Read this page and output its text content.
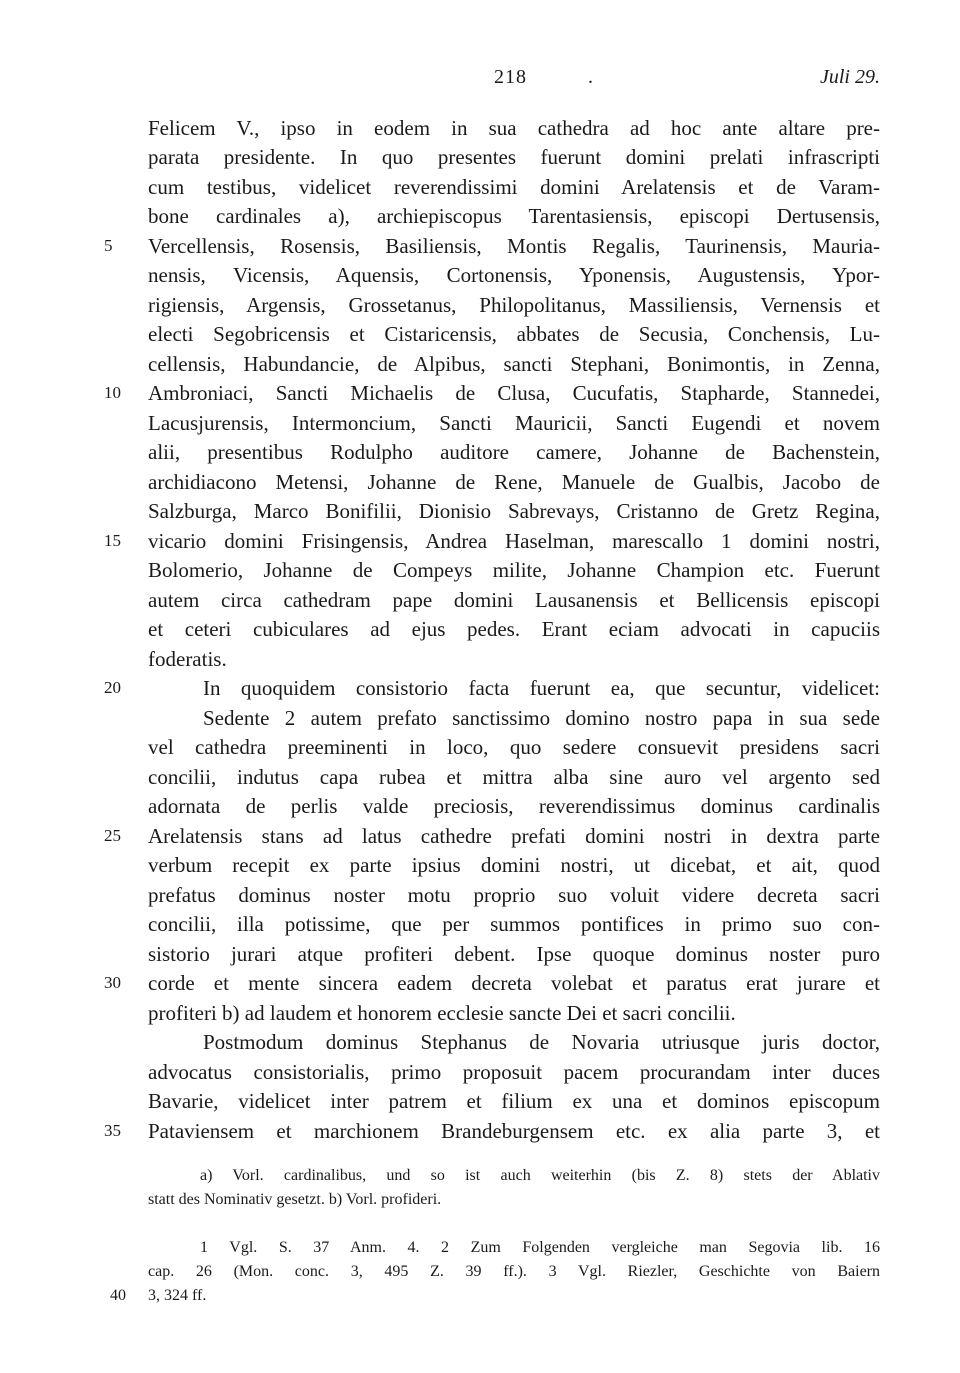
218	.	Juli 29.
Felicem V., ipso in eodem in sua cathedra ad hoc ante altare pre-
parata presidente. In quo presentes fuerunt domini prelati infrascripti
cum testibus, videlicet reverendissimi domini Arelatensis et de Varam-
bone cardinales a), archiepiscopus Tarentasiensis, episcopi Dertusensis,
Vercellensis, Rosensis, Basiliensis, Montis Regalis, Taurinensis, Mauria-
nensis, Vicensis, Aquensis, Cortonensis, Yponensis, Augustensis, Ypor-
rigiensis, Argensis, Grossetanus, Philopolitanus, Massiliensis, Vernensis et
electi Segobricensis et Cistaricensis, abbates de Secusia, Conchensis, Lu-
cellensis, Habundancie, de Alpibus, sancti Stephani, Bonimontis, in Zenna,
Ambroniaci, Sancti Michaelis de Clusa, Cucufatis, Stapharde, Stannedei,
Lacusjurensis, Intermoncium, Sancti Mauricii, Sancti Eugendi et novem
alii, presentibus Rodulpho auditore camere, Johanne de Bachenstein,
archidiacono Metensi, Johanne de Rene, Manuele de Gualbis, Jacobo de
Salzburga, Marco Bonifilii, Dionisio Sabrevays, Cristanno de Gretz Regina,
vicario domini Frisingensis, Andrea Haselman, marescallo 1 domini nostri,
Bolomerio, Johanne de Compeys milite, Johanne Champion etc. Fuerunt
autem circa cathedram pape domini Lausanensis et Bellicensis episcopi
et ceteri cubiculares ad ejus pedes. Erant eciam advocati in capuciis
foderatis.
In quoquidem consistorio facta fuerunt ea, que secuntur, videlicet:
Sedente 2 autem prefato sanctissimo domino nostro papa in sua sede
vel cathedra preeminenti in loco, quo sedere consuevit presidens sacri
concilii, indutus capa rubea et mittra alba sine auro vel argento sed
adornata de perlis valde preciosis, reverendissimus dominus cardinalis
Arelatensis stans ad latus cathedre prefati domini nostri in dextra parte
verbum recepit ex parte ipsius domini nostri, ut dicebat, et ait, quod
prefatus dominus noster motu proprio suo voluit videre decreta sacri
concilii, illa potissime, que per summos pontifices in primo suo con-
sistorio jurari atque profiteri debent. Ipse quoque dominus noster puro
corde et mente sincera eadem decreta volebat et paratus erat jurare et
profiteri b) ad laudem et honorem ecclesie sancte Dei et sacri concilii.
Postmodum dominus Stephanus de Novaria utriusque juris doctor,
advocatus consistorialis, primo proposuit pacem procurandam inter duces
Bavarie, videlicet inter patrem et filium ex una et dominos episcopum
Pataviensem et marchionem Brandeburgensem etc. ex alia parte 3, et
5
10
15
20
25
30
35
a) Vorl. cardinalibus, und so ist auch weiterhin (bis Z. 8) stets der Ablativ
statt des Nominativ gesetzt. b) Vorl. profideri.
1 Vgl. S. 37 Anm. 4. 2 Zum Folgenden vergleiche man Segovia lib. 16
cap. 26 (Mon. conc. 3, 495 Z. 39 ff.). 3 Vgl. Riezler, Geschichte von Baiern
3, 324 ff.
40
